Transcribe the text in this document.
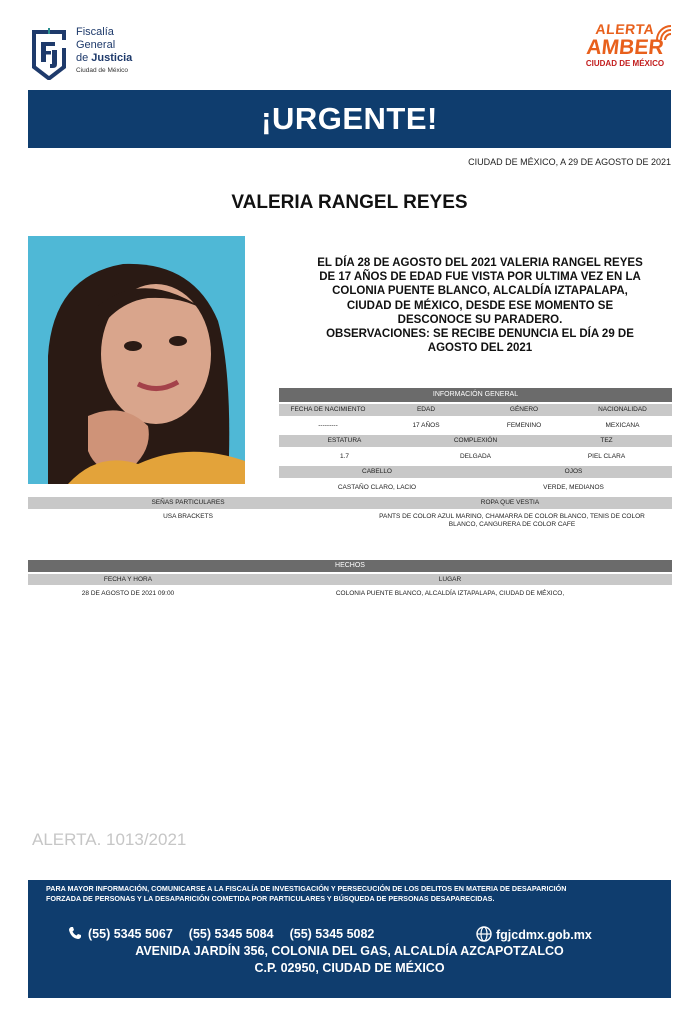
Fiscalía
General
de Justicia
Ciudad de México
ALERTA
AMBER
CIUDAD DE MÉXICO
¡URGENTE!
CIUDAD DE MÉXICO, A 29 DE AGOSTO DE 2021
VALERIA RANGEL REYES
EL DÍA 28 DE AGOSTO DEL 2021 VALERIA RANGEL REYES
DE 17 AÑOS DE EDAD FUE VISTA POR ULTIMA VEZ EN LA
COLONIA PUENTE BLANCO, ALCALDÍA IZTAPALAPA,
CIUDAD DE MÉXICO, DESDE ESE MOMENTO SE
DESCONOCE SU PARADERO.
OBSERVACIONES: SE RECIBE DENUNCIA EL DÍA 29 DE
AGOSTO DEL 2021
INFORMACIÓN GENERAL
FECHA DE NACIMIENTO	EDAD	GÉNERO	NACIONALIDAD
---------	17 AÑOS	FEMENINO	MEXICANA
ESTATURA	COMPLEXIÓN	TEZ
1.7	DELGADA	PIEL CLARA
CABELLO	OJOS
CASTAÑO CLARO, LACIO	VERDE, MEDIANOS
SEÑAS PARTICULARES	ROPA QUE VESTIA
USA BRACKETS	PANTS DE COLOR AZUL MARINO, CHAMARRA DE COLOR BLANCO, TENIS DE COLOR
BLANCO, CANGURERA DE COLOR CAFE
HECHOS
FECHA Y HORA	LUGAR
28 DE AGOSTO DE 2021 09:00	COLONIA PUENTE BLANCO, ALCALDÍA IZTAPALAPA, CIUDAD DE MÉXICO,
ALERTA. 1013/2021
PARA MAYOR INFORMACIÓN, COMUNICARSE A LA FISCALÍA DE INVESTIGACIÓN Y PERSECUCIÓN DE LOS DELITOS EN MATERIA DE DESAPARICIÓN
FORZADA DE PERSONAS Y LA DESAPARICIÓN COMETIDA POR PARTICULARES Y BÚSQUEDA DE PERSONAS DESAPARECIDAS.
(55) 5345 5067 (55) 5345 5084 (55) 5345 5082	fgjcdmx.gob.mx
AVENIDA JARDÍN 356, COLONIA DEL GAS, ALCALDÍA AZCAPOTZALCO
C.P. 02950, CIUDAD DE MÉXICO
